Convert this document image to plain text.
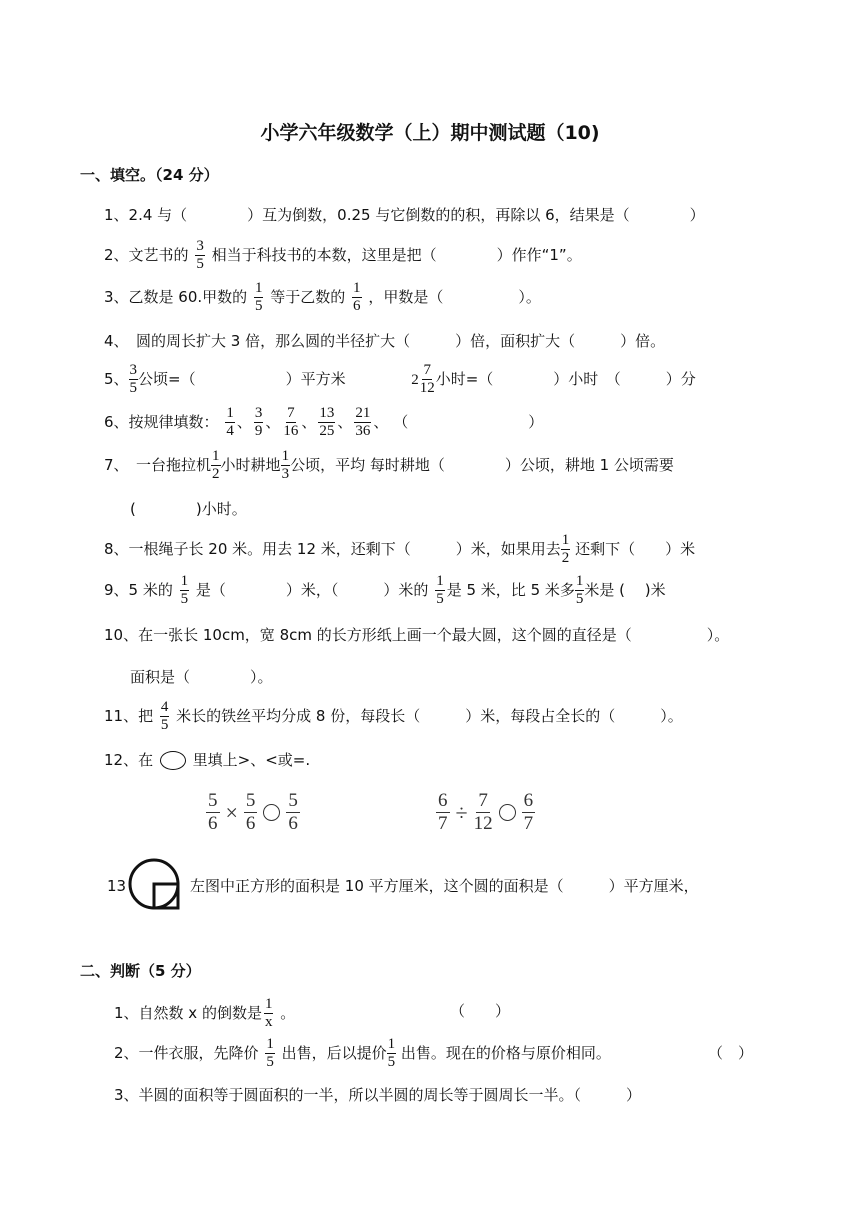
小学六年级数学（上）期中测试题（10)
一、填空。（24 分）
1、2.4 与（　　　　）互为倒数，0.25 与它倒数的的积，再除以 6，结果是（　　　　）
2、文艺书的 $\frac{3}{5}$ 相当于科技书的本数，这里是把（　　　　）作作“1”。
3、乙数是 60.甲数的 $\frac{1}{5}$ 等于乙数的 $\frac{1}{6}$ ，甲数是（　　　　　）。
4、　圆的周长扩大 3 倍，那么圆的半径扩大（　　　）倍，面积扩大（　　　）倍。
5、 $\frac{3}{5}$ 公顷=（　　　　　　）平方米	$2 \frac{7}{12}$ 小时=（　　　　）小时　（　　　）分
6、按规律填数： $\frac{1}{4}$ 、 $\frac{3}{9}$ 、 $\frac{7}{16}$ 、 $\frac{13}{25}$ 、 $\frac{21}{36}$ 、 （　　　　　　　　）
7、　一台拖拉机 $\frac{1}{2}$ 小时耕地 $\frac{1}{3}$ 公顷，平均 每时耕地（　　　　）公顷，耕地 1 公顷需要
(　　　　)小时。
8、一根绳子长 20 米。用去 12 米，还剩下（　　　）米，如果用去 $\frac{1}{2}$ 还剩下（　　）米
9、5 米的 $\frac{1}{5}$ 是（　　　　）米，（　　　）米的 $\frac{1}{5}$ 是 5 米，比 5 米多 $\frac{1}{5}$ 米是 (　 )米
10、在一张长 10cm，宽 8cm 的长方形纸上画一个最大圆，这个圆的直径是（　　　　　）。
面积是（　　　　）。
11、把 $\frac{4}{5}$ 米长的铁丝平均分成 8 份，每段长（　　　）米，每段占全长的（　　　）。
12、在	里填上>、<或=.
$\frac{5}{6} \times \frac{5}{6} \frac{5}{6}$	$\frac{6}{7} \div \frac{7}{12} \frac{6}{7}$
13	左图中正方形的面积是 10 平方厘米，这个圆的面积是（　　　）平方厘米，
二、判断（5 分）
1、自然数 x 的倒数是 $\frac{1}{x}$ 。	（　　）
2、一件衣服，先降价 $\frac{1}{5}$ 出售，后以提价 $\frac{1}{5}$ 出售。现在的价格与原价相同。	（　）
3、半圆的面积等于圆面积的一半，所以半圆的周长等于圆周长一半。（　　　）
